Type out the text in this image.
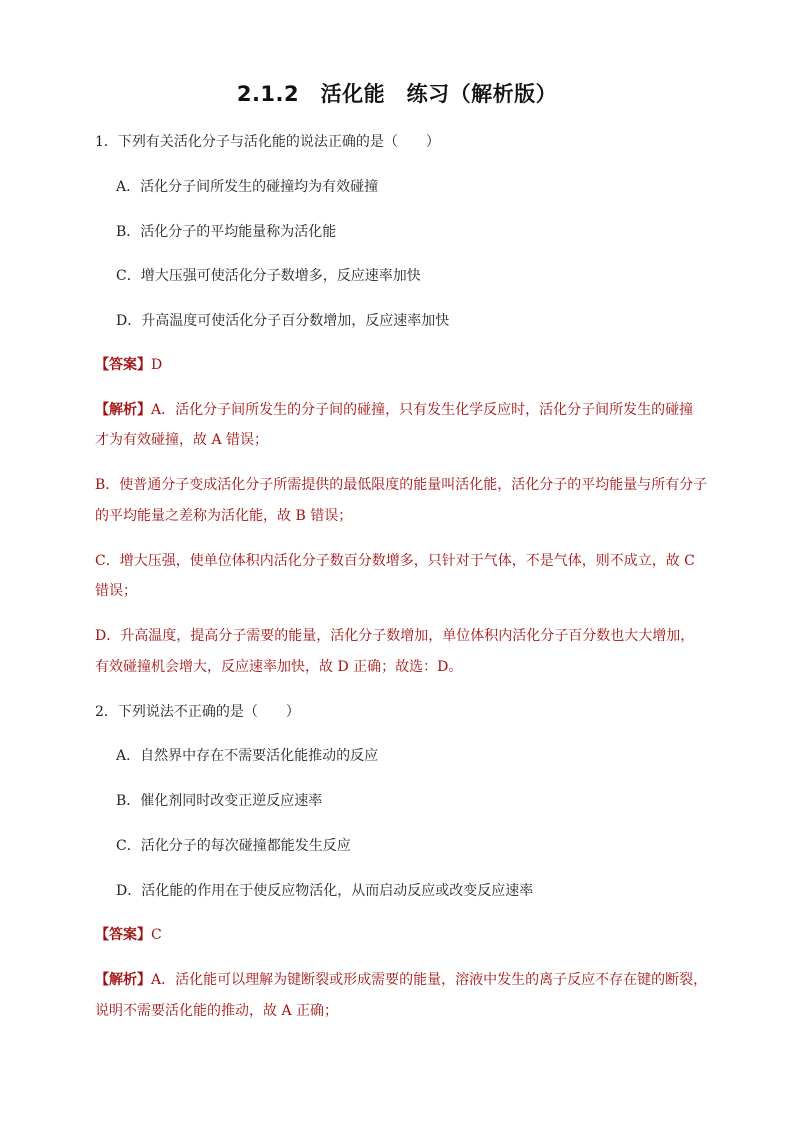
2.1.2　活化能　练习（解析版）
1．下列有关活化分子与活化能的说法正确的是（　　）
A．活化分子间所发生的碰撞均为有效碰撞
B．活化分子的平均能量称为活化能
C．增大压强可使活化分子数增多，反应速率加快
D．升高温度可使活化分子百分数增加，反应速率加快
【答案】D
【解析】A．活化分子间所发生的分子间的碰撞，只有发生化学反应时，活化分子间所发生的碰撞
才为有效碰撞，故 A 错误；
B．使普通分子变成活化分子所需提供的最低限度的能量叫活化能，活化分子的平均能量与所有分子
的平均能量之差称为活化能，故 B 错误；
C．增大压强，使单位体积内活化分子数百分数增多，只针对于气体，不是气体，则不成立，故 C
错误；
D．升高温度，提高分子需要的能量，活化分子数增加，单位体积内活化分子百分数也大大增加，
有效碰撞机会增大，反应速率加快，故 D 正确；故选：D。
2．下列说法不正确的是（　　）
A．自然界中存在不需要活化能推动的反应
B．催化剂同时改变正逆反应速率
C．活化分子的每次碰撞都能发生反应
D．活化能的作用在于使反应物活化，从而启动反应或改变反应速率
【答案】C
【解析】A．活化能可以理解为键断裂或形成需要的能量，溶液中发生的离子反应不存在键的断裂，
说明不需要活化能的推动，故 A 正确；
